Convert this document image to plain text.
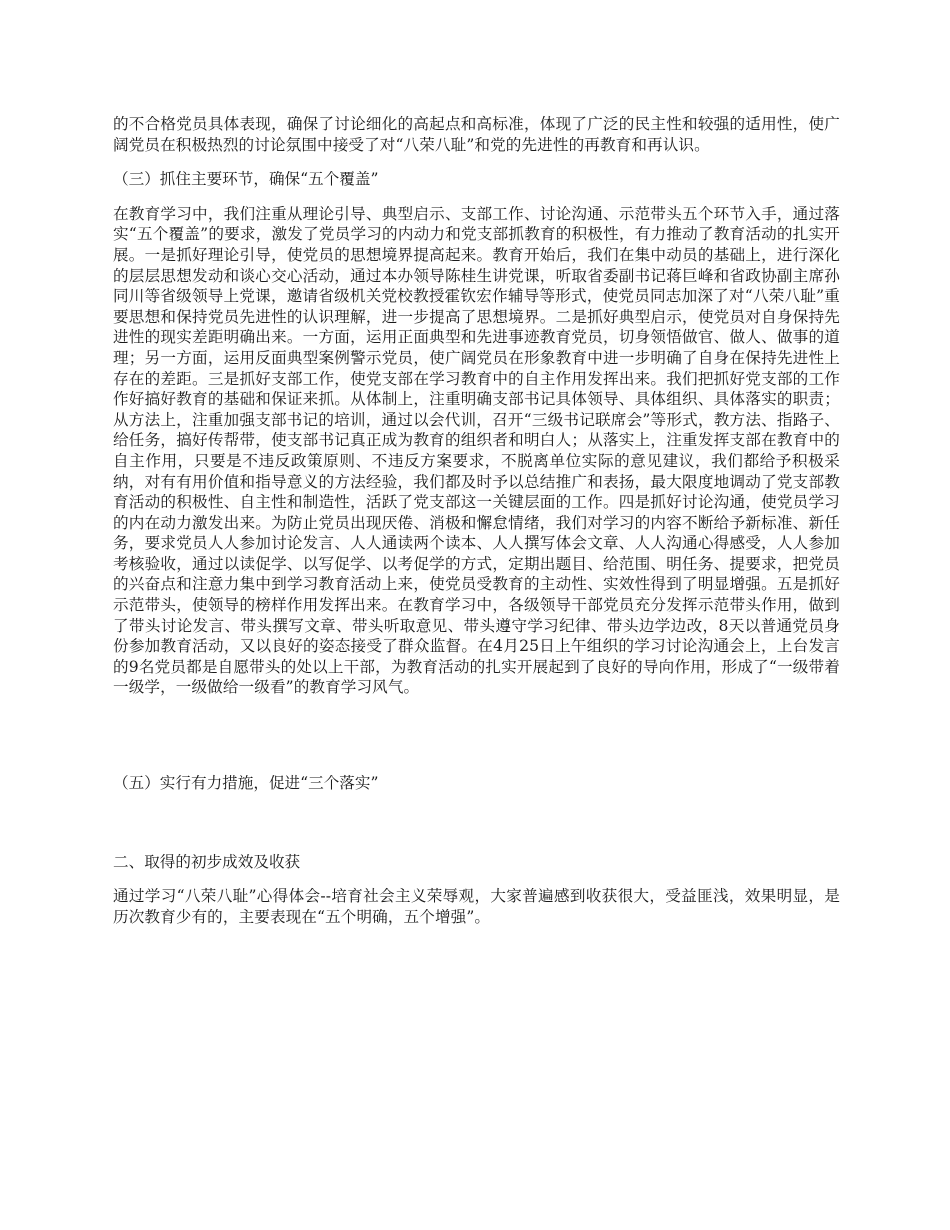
的不合格党员具体表现，确保了讨论细化的高起点和高标准，体现了广泛的民主性和较强的适用性，使广阔党员在积极热烈的讨论氛围中接受了对“八荣八耻”和党的先进性的再教育和再认识。

（三）抓住主要环节，确保“五个覆盖”

在教育学习中，我们注重从理论引导、典型启示、支部工作、讨论沟通、示范带头五个环节入手，通过落实“五个覆盖”的要求，激发了党员学习的内动力和党支部抓教育的积极性，有力推动了教育活动的扎实开展。一是抓好理论引导，使党员的思想境界提高起来。教育开始后，我们在集中动员的基础上，进行深化的层层思想发动和谈心交心活动，通过本办领导陈桂生讲党课，听取省委副书记蒋巨峰和省政协副主席孙同川等省级领导上党课，邀请省级机关党校教授霍钦宏作辅导等形式，使党员同志加深了对“八荣八耻”重要思想和保持党员先进性的认识理解，进一步提高了思想境界。二是抓好典型启示，使党员对自身保持先进性的现实差距明确出来。一方面，运用正面典型和先进事迹教育党员，切身领悟做官、做人、做事的道理；另一方面，运用反面典型案例警示党员，使广阔党员在形象教育中进一步明确了自身在保持先进性上存在的差距。三是抓好支部工作，使党支部在学习教育中的自主作用发挥出来。我们把抓好党支部的工作作好搞好教育的基础和保证来抓。从体制上，注重明确支部书记具体领导、具体组织、具体落实的职责；从方法上，注重加强支部书记的培训，通过以会代训，召开“三级书记联席会”等形式，教方法、指路子、给任务，搞好传帮带，使支部书记真正成为教育的组织者和明白人；从落实上，注重发挥支部在教育中的自主作用，只要是不违反政策原则、不违反方案要求，不脱离单位实际的意见建议，我们都给予积极采纳，对有有用价值和指导意义的方法经验，我们都及时予以总结推广和表扬，最大限度地调动了党支部教育活动的积极性、自主性和制造性，活跃了党支部这一关键层面的工作。四是抓好讨论沟通，使党员学习的内在动力激发出来。为防止党员出现厌倦、消极和懈怠情绪，我们对学习的内容不断给予新标准、新任务，要求党员人人参加讨论发言、人人通读两个读本、人人撰写体会文章、人人沟通心得感受，人人参加考核验收，通过以读促学、以写促学、以考促学的方式，定期出题目、给范围、明任务、提要求，把党员的兴奋点和注意力集中到学习教育活动上来，使党员受教育的主动性、实效性得到了明显增强。五是抓好示范带头，使领导的榜样作用发挥出来。在教育学习中，各级领导干部党员充分发挥示范带头作用，做到了带头讨论发言、带头撰写文章、带头听取意见、带头遵守学习纪律、带头边学边改，8天以普通党员身份参加教育活动，又以良好的姿态接受了群众监督。在4月25日上午组织的学习讨论沟通会上，上台发言的9名党员都是自愿带头的处以上干部，为教育活动的扎实开展起到了良好的导向作用，形成了“一级带着一级学，一级做给一级看”的教育学习风气。

（五）实行有力措施，促进“三个落实”

二、取得的初步成效及收获

通过学习“八荣八耻”心得体会--培育社会主义荣辱观，大家普遍感到收获很大，受益匪浅，效果明显，是历次教育少有的，主要表现在“五个明确，五个增强”。
